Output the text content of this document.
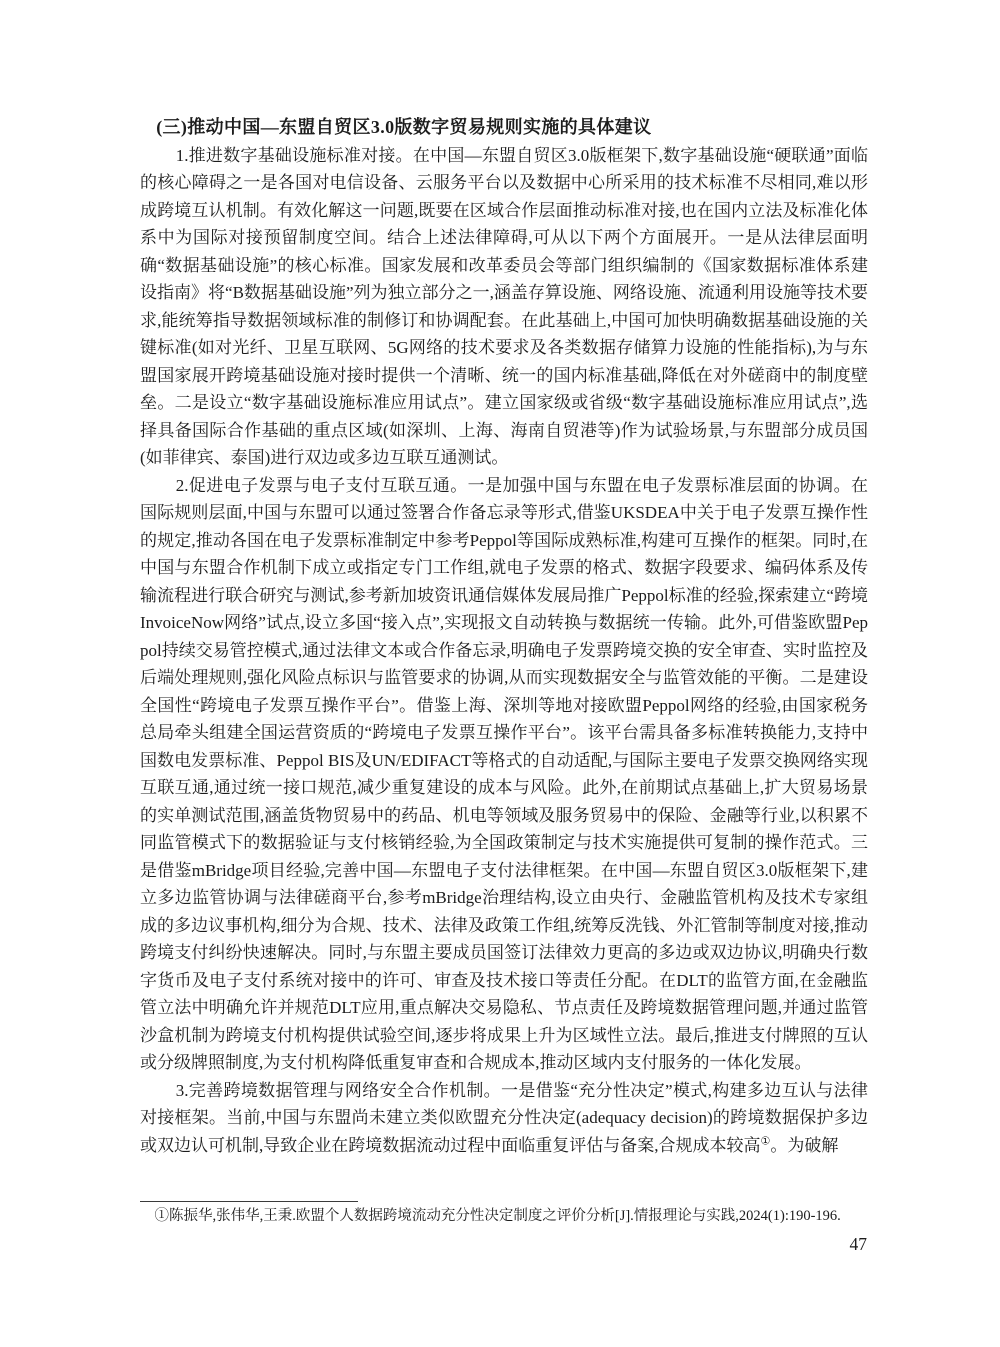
(三)推动中国—东盟自贸区3.0版数字贸易规则实施的具体建议

1.推进数字基础设施标准对接。在中国—东盟自贸区3.0版框架下,数字基础设施“硬联通”面临的核心障碍之一是各国对电信设备、云服务平台以及数据中心所采用的技术标准不尽相同,难以形成跨境互认机制。有效化解这一问题,既要在区域合作层面推动标准对接,也在国内立法及标准化体系中为国际对接预留制度空间。结合上述法律障碍,可从以下两个方面展开。一是从法律层面明确“数据基础设施”的核心标准。国家发展和改革委员会等部门组织编制的《国家数据标准体系建设指南》将“B数据基础设施”列为独立部分之一,涵盖存算设施、网络设施、流通利用设施等技术要求,能统筹指导数据领域标准的制修订和协调配套。在此基础上,中国可加快明确数据基础设施的关键标准(如对光纤、卫星互联网、5G网络的技术要求及各类数据存储算力设施的性能指标),为与东盟国家展开跨境基础设施对接时提供一个清晰、统一的国内标准基础,降低在对外磋商中的制度壁垒。二是设立“数字基础设施标准应用试点”。建立国家级或省级“数字基础设施标准应用试点”,选择具备国际合作基础的重点区域(如深圳、上海、海南自贸港等)作为试验场景,与东盟部分成员国(如菲律宾、泰国)进行双边或多边互联互通测试。

2.促进电子发票与电子支付互联互通。一是加强中国与东盟在电子发票标准层面的协调。在国际规则层面,中国与东盟可以通过签署合作备忘录等形式,借鉴UKSDEA中关于电子发票互操作性的规定,推动各国在电子发票标准制定中参考Peppol等国际成熟标准,构建可互操作的框架。同时,在中国与东盟合作机制下成立或指定专门工作组,就电子发票的格式、数据字段要求、编码体系及传输流程进行联合研究与测试,参考新加坡资讯通信媒体发展局推广Peppol标准的经验,探索建立“跨境InvoiceNow网络”试点,设立多国“接入点”,实现报文自动转换与数据统一传输。此外,可借鉴欧盟Peppol持续交易管控模式,通过法律文本或合作备忘录,明确电子发票跨境交换的安全审查、实时监控及后端处理规则,强化风险点标识与监管要求的协调,从而实现数据安全与监管效能的平衡。二是建设全国性“跨境电子发票互操作平台”。借鉴上海、深圳等地对接欧盟Peppol网络的经验,由国家税务总局牵头组建全国运营资质的“跨境电子发票互操作平台”。该平台需具备多标准转换能力,支持中国数电发票标准、Peppol BIS及UN/EDIFACT等格式的自动适配,与国际主要电子发票交换网络实现互联互通,通过统一接口规范,减少重复建设的成本与风险。此外,在前期试点基础上,扩大贸易场景的实单测试范围,涵盖货物贸易中的药品、机电等领域及服务贸易中的保险、金融等行业,以积累不同监管模式下的数据验证与支付核销经验,为全国政策制定与技术实施提供可复制的操作范式。三是借鉴mBridge项目经验,完善中国—东盟电子支付法律框架。在中国—东盟自贸区3.0版框架下,建立多边监管协调与法律磋商平台,参考mBridge治理结构,设立由央行、金融监管机构及技术专家组成的多边议事机构,细分为合规、技术、法律及政策工作组,统筹反洗钱、外汇管制等制度对接,推动跨境支付纠纷快速解决。同时,与东盟主要成员国签订法律效力更高的多边或双边协议,明确央行数字货币及电子支付系统对接中的许可、审查及技术接口等责任分配。在DLT的监管方面,在金融监管立法中明确允许并规范DLT应用,重点解决交易隐私、节点责任及跨境数据管理问题,并通过监管沙盒机制为跨境支付机构提供试验空间,逐步将成果上升为区域性立法。最后,推进支付牌照的互认或分级牌照制度,为支付机构降低重复审查和合规成本,推动区域内支付服务的一体化发展。

3.完善跨境数据管理与网络安全合作机制。一是借鉴“充分性决定”模式,构建多边互认与法律对接框架。当前,中国与东盟尚未建立类似欧盟充分性决定(adequacy decision)的跨境数据保护多边或双边认可机制,导致企业在跨境数据流动过程中面临重复评估与备案,合规成本较高①。为破解

①陈振华,张伟华,王秉.欧盟个人数据跨境流动充分性决定制度之评价分析[J].情报理论与实践,2024(1):190-196.

47
